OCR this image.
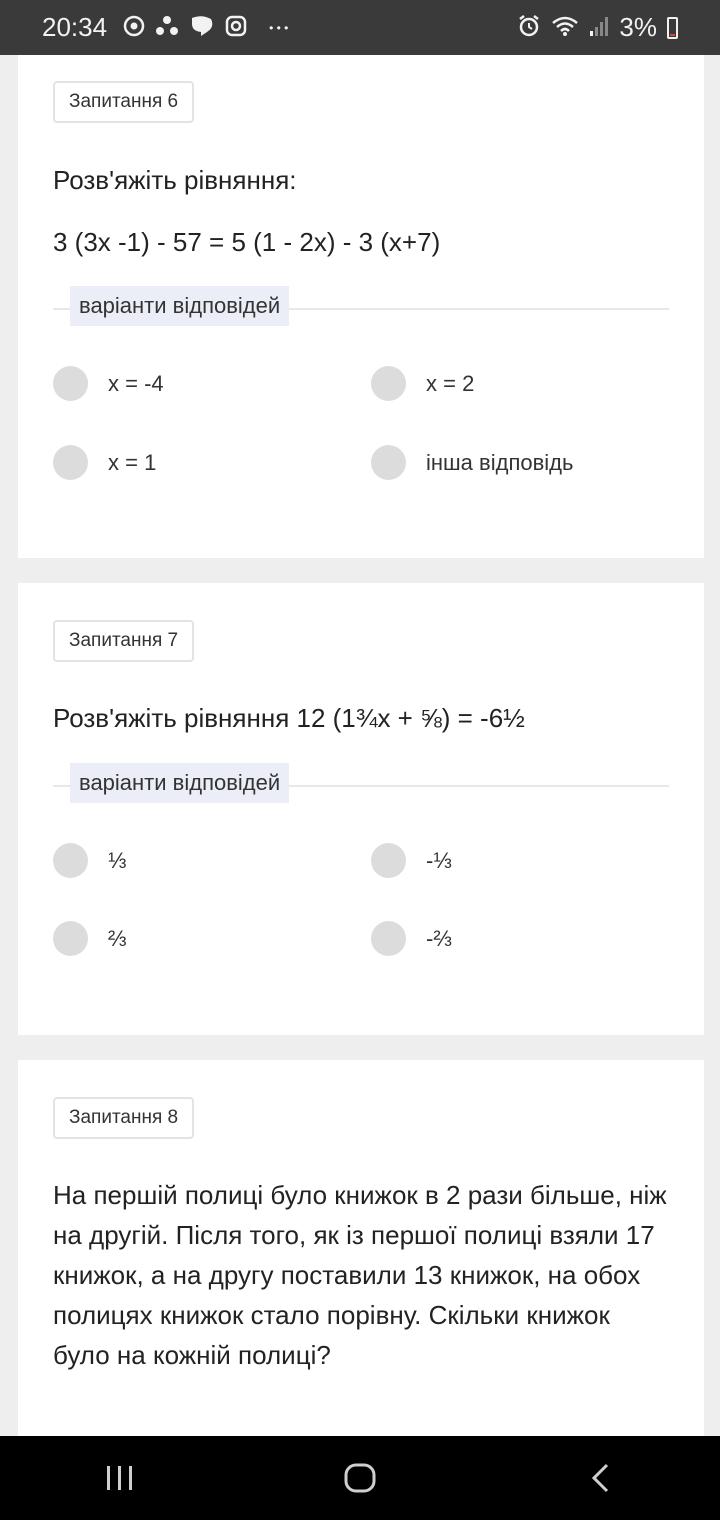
20:34	• • •	3%
Запитання 6
Розв'яжіть рівняння:
3 (3x -1) - 57 = 5 (1 - 2x) - 3 (x+7)
варіанти відповідей
x = -4	x = 2
x = 1	інша відповідь
Запитання 7
Розв'яжіть рівняння 12 (1¾x + ⅝) = -6½
варіанти відповідей
⅓	-⅓
⅔	-⅔
Запитання 8
На першій полиці було книжок в 2 рази більше, ніж на другій. Після того, як із першої полиці взяли 17 книжок, а на другу поставили 13 книжок, на обох полицях книжок стало порівну. Скільки книжок було на кожній полиці?
